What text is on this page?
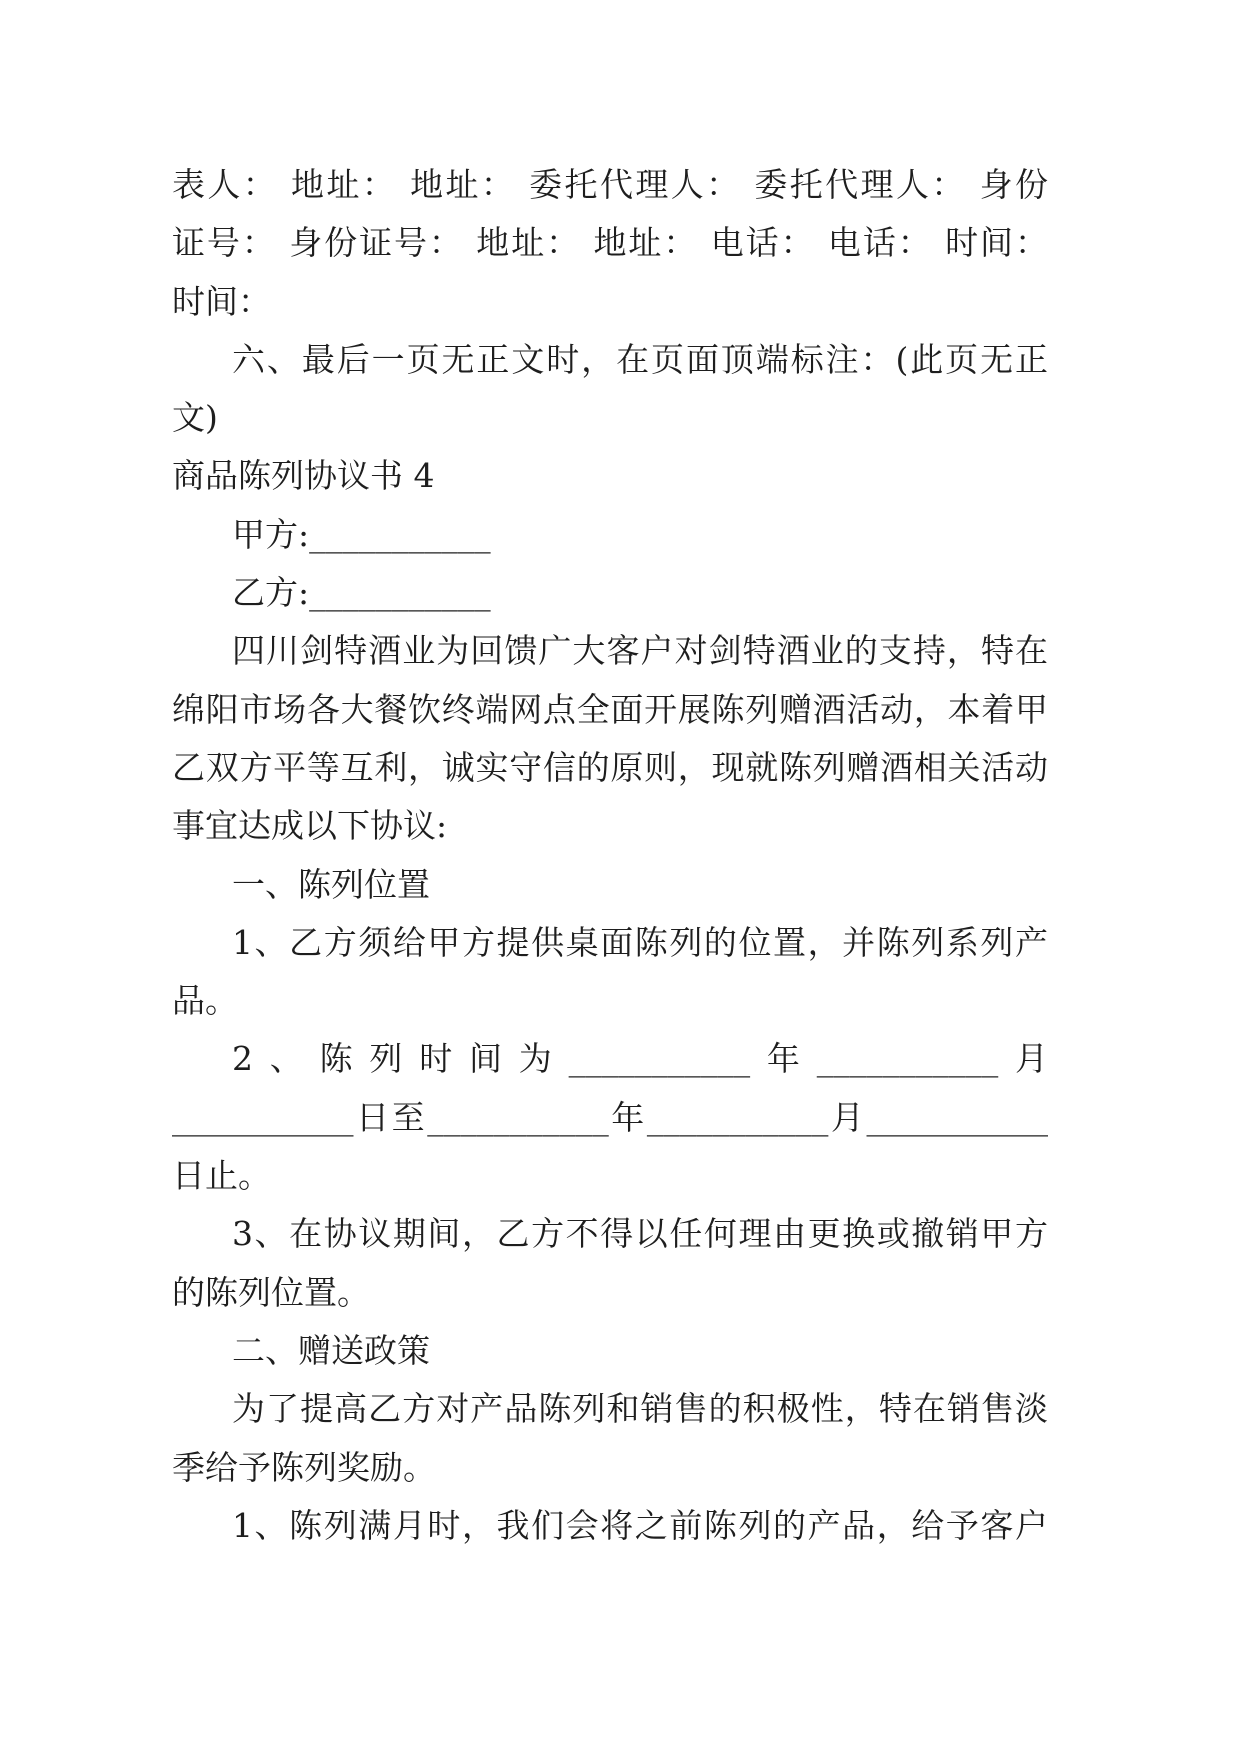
表人： 地址： 地址： 委托代理人： 委托代理人： 身份
证号： 身份证号： 地址： 地址： 电话： 电话： 时间：
时间：
六、最后一页无正文时，在页面顶端标注：(此页无正
文)
商品陈列协议书 4
甲方:___________
乙方:___________
四川剑特酒业为回馈广大客户对剑特酒业的支持，特在
绵阳市场各大餐饮终端网点全面开展陈列赠酒活动，本着甲
乙双方平等互利，诚实守信的原则，现就陈列赠酒相关活动
事宜达成以下协议:
一、陈列位置
1、乙方须给甲方提供桌面陈列的位置，并陈列系列产
品。
2、陈列时间为___________年___________月
___________日至___________年___________月___________
日止。
3、在协议期间，乙方不得以任何理由更换或撤销甲方
的陈列位置。
二、赠送政策
为了提高乙方对产品陈列和销售的积极性，特在销售淡
季给予陈列奖励。
1、陈列满月时，我们会将之前陈列的产品，给予客户
